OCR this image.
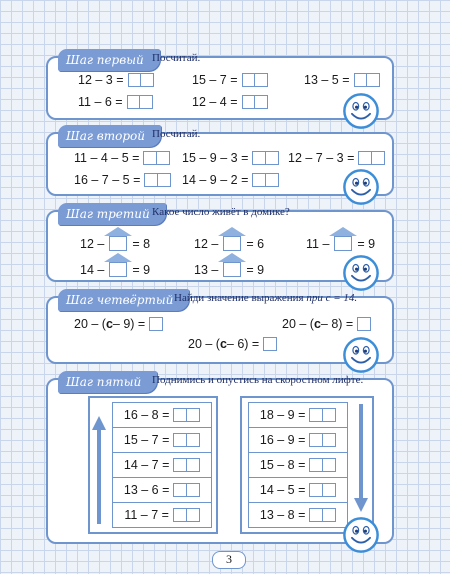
Шаг первый Посчитай.
12 – 3 =	15 – 7 =	13 – 5 =
11 – 6 =	12 – 4 =
Шаг второй Посчитай.
11 – 4 – 5 =	15 – 9 – 3 =	12 – 7 – 3 =
16 – 7 – 5 =	14 – 9 – 2 =
Шаг третий Какое число живёт в домике?
12 – = 8	12 – = 6	11 – = 9
14 – = 9	13 – = 9
Шаг четвёртый Найди значение выражения при с = 14.
20 – ( с – 9) =	20 – ( с – 8) =
20 – ( с – 6) =
Шаг пятый Поднимись и опустись на скоростном лифте.
16 – 8 =
15 – 7 =
14 – 7 =
13 – 6 =
11 – 7 =
18 – 9 =
16 – 9 =
15 – 8 =
14 – 5 =
13 – 8 =
3
